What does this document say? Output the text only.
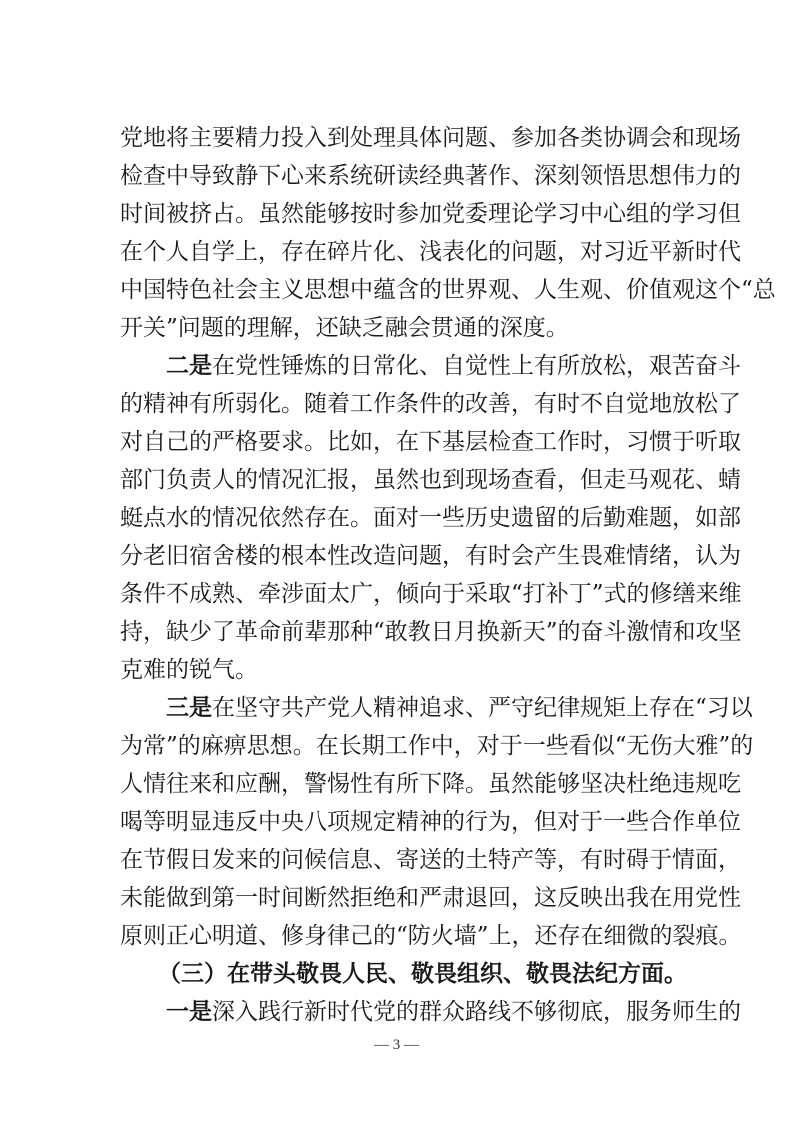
党地将主要精力投入到处理具体问题、参加各类协调会和现场
检查中导致静下心来系统研读经典著作、深刻领悟思想伟力的
时间被挤占。虽然能够按时参加党委理论学习中心组的学习但
在个人自学上，存在碎片化、浅表化的问题，对习近平新时代
中国特色社会主义思想中蕴含的世界观、人生观、价值观这个“总
开关”问题的理解，还缺乏融会贯通的深度。
二是在党性锤炼的日常化、自觉性上有所放松，艰苦奋斗
的精神有所弱化。随着工作条件的改善，有时不自觉地放松了
对自己的严格要求。比如，在下基层检查工作时，习惯于听取
部门负责人的情况汇报，虽然也到现场查看，但走马观花、蜻
蜓点水的情况依然存在。面对一些历史遗留的后勤难题，如部
分老旧宿舍楼的根本性改造问题，有时会产生畏难情绪，认为
条件不成熟、牵涉面太广，倾向于采取“打补丁”式的修缮来维
持，缺少了革命前辈那种“敢教日月换新天”的奋斗激情和攻坚
克难的锐气。
三是在坚守共产党人精神追求、严守纪律规矩上存在“习以
为常”的麻痹思想。在长期工作中，对于一些看似“无伤大雅”的
人情往来和应酬，警惕性有所下降。虽然能够坚决杜绝违规吃
喝等明显违反中央八项规定精神的行为，但对于一些合作单位
在节假日发来的问候信息、寄送的土特产等，有时碍于情面，
未能做到第一时间断然拒绝和严肃退回，这反映出我在用党性
原则正心明道、修身律己的“防火墙”上，还存在细微的裂痕。
（三）在带头敬畏人民、敬畏组织、敬畏法纪方面。
一是深入践行新时代党的群众路线不够彻底，服务师生的
— 3 —
